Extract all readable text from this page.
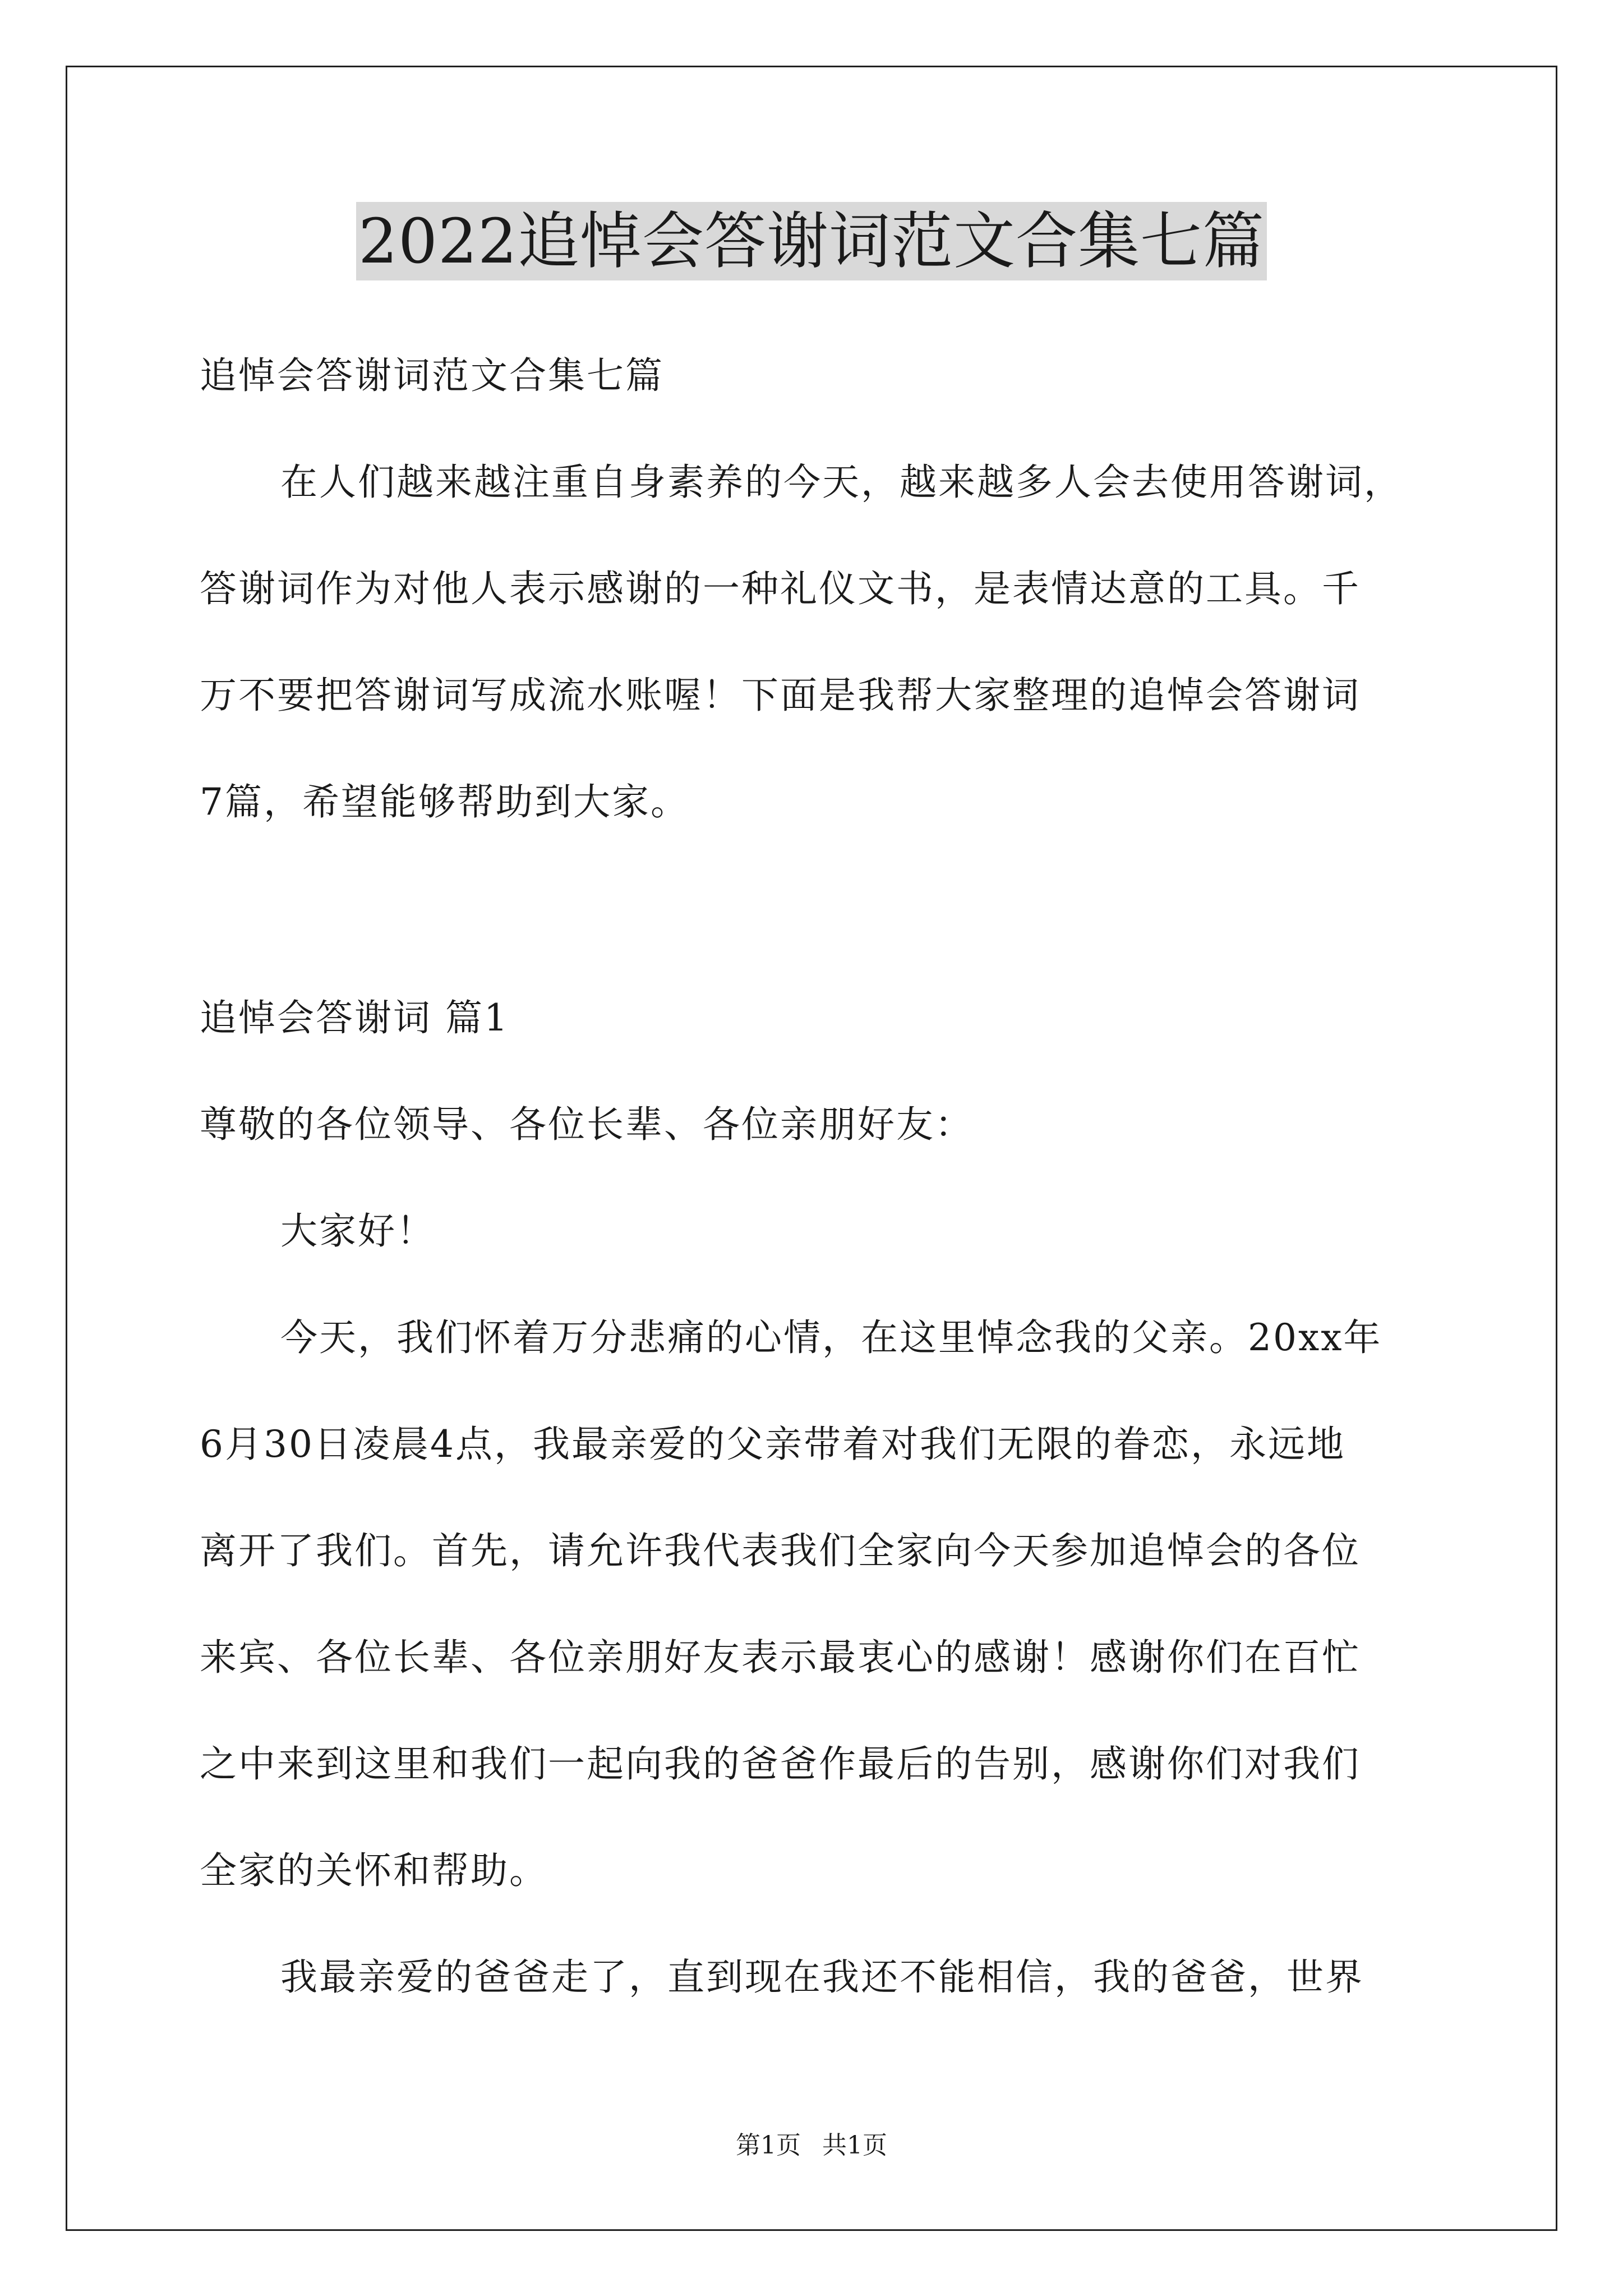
2022追悼会答谢词范文合集七篇
追悼会答谢词范文合集七篇
在人们越来越注重自身素养的今天，越来越多人会去使用答谢词，
答谢词作为对他人表示感谢的一种礼仪文书，是表情达意的工具。千
万不要把答谢词写成流水账喔！下面是我帮大家整理的追悼会答谢词
7篇，希望能够帮助到大家。
追悼会答谢词 篇1
尊敬的各位领导、各位长辈、各位亲朋好友：
大家好！
今天，我们怀着万分悲痛的心情，在这里悼念我的父亲。20xx年
6月30日凌晨4点，我最亲爱的父亲带着对我们无限的眷恋，永远地
离开了我们。首先，请允许我代表我们全家向今天参加追悼会的各位
来宾、各位长辈、各位亲朋好友表示最衷心的感谢！感谢你们在百忙
之中来到这里和我们一起向我的爸爸作最后的告别，感谢你们对我们
全家的关怀和帮助。
我最亲爱的爸爸走了，直到现在我还不能相信，我的爸爸，世界
第1页 共1页
